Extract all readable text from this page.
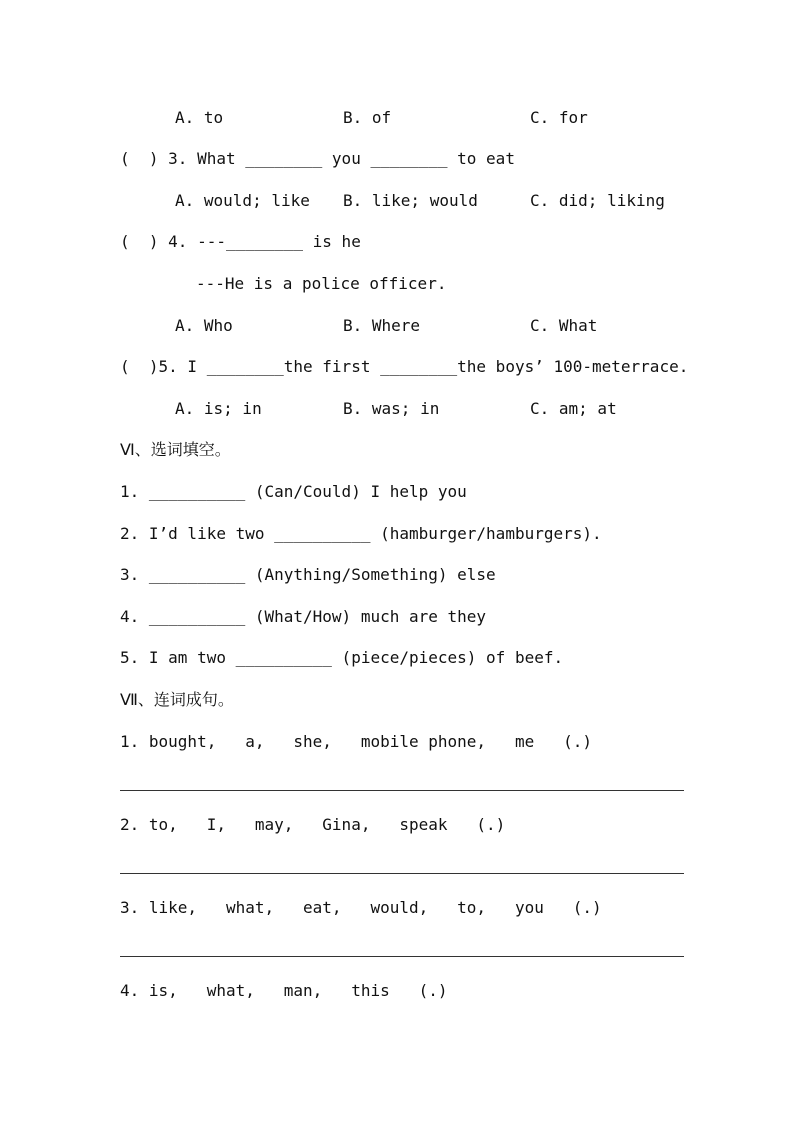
A. to	B. of	C. for
(  ) 3. What ________ you ________ to eat
A. would; like B. like; would	C. did; liking
(  ) 4. ---________ is he
---He is a police officer.
A. Who	B. Where	C. What
(  )5. I ________the first ________the boys’ 100-meterrace.
A. is; in	B. was; in	C. am; at
Ⅵ、选词填空。
1. __________ (Can/Could) I help you
2. I’d like two __________ (hamburger/hamburgers).
3. __________ (Anything/Something) else
4. __________ (What/How) much are they
5. I am two __________ (piece/pieces) of beef.
Ⅶ、连词成句。
1. bought,   a,   she,   mobile phone,   me   (.)
2. to,   I,   may,   Gina,   speak   (.)
3. like,   what,   eat,   would,   to,   you   (.)
4. is,   what,   man,   this   (.)
